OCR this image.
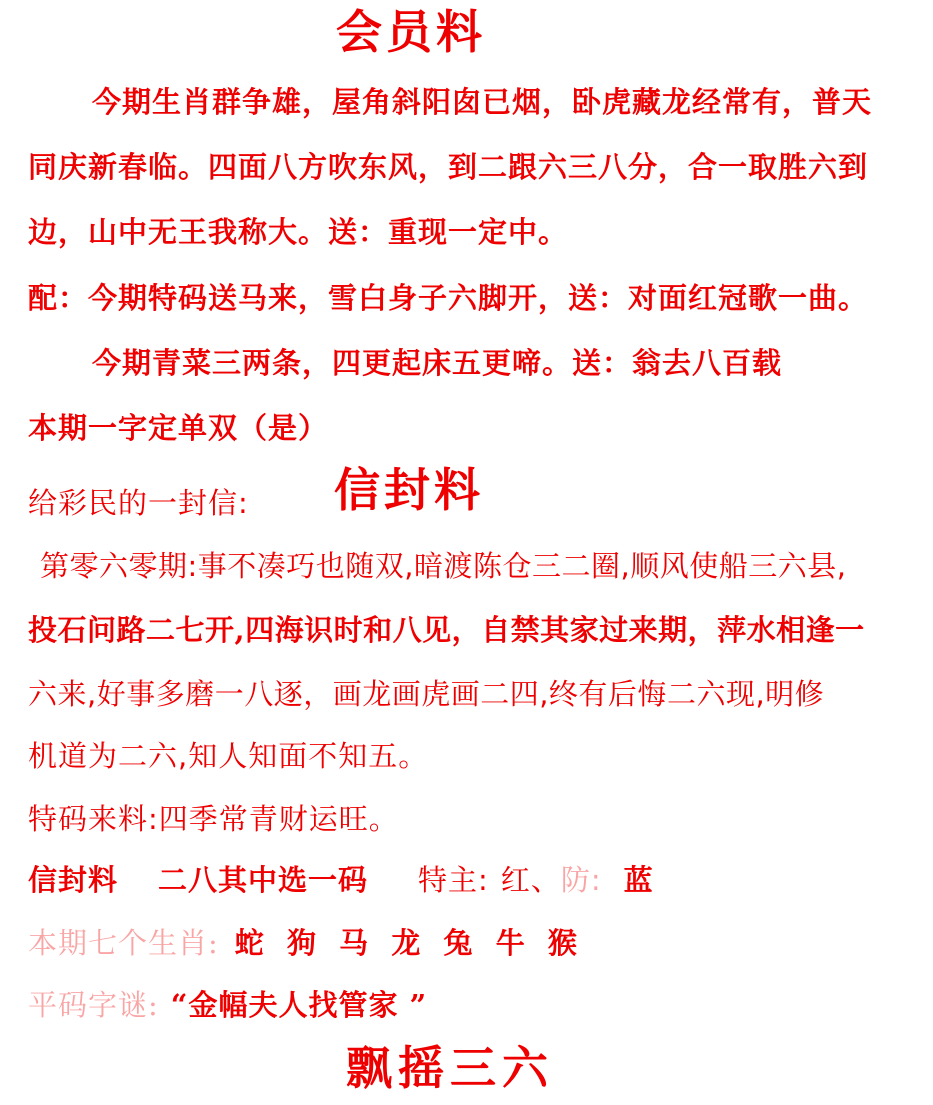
会员料
今期生肖群争雄，屋角斜阳囱已烟，卧虎藏龙经常有，普天
同庆新春临。四面八方吹东风，到二跟六三八分，合一取胜六到
边，山中无王我称大。送：重现一定中。
配：今期特码送马来，雪白身子六脚开，送：对面红冠歌一曲。
今期青菜三两条，四更起床五更啼。送：翁去八百载
本期一字定单双（是）
给彩民的一封信: 信封料
第零六零期:事不凑巧也随双,暗渡陈仓三二圈,顺风使船三六县,
投石问路二七开,四海识时和八见，自禁其家过来期，萍水相逢一
六来,好事多磨一八逐，画龙画虎画二四,终有后悔二六现,明修
机道为二六,知人知面不知五。
特码来料:四季常青财运旺。
信封料 二八其中选一码 特主: 红、防: 蓝
本期七个生肖: 蛇  狗  马  龙  兔  牛  猴
平码字谜: “金幅夫人找管家 ”
飘摇三六
